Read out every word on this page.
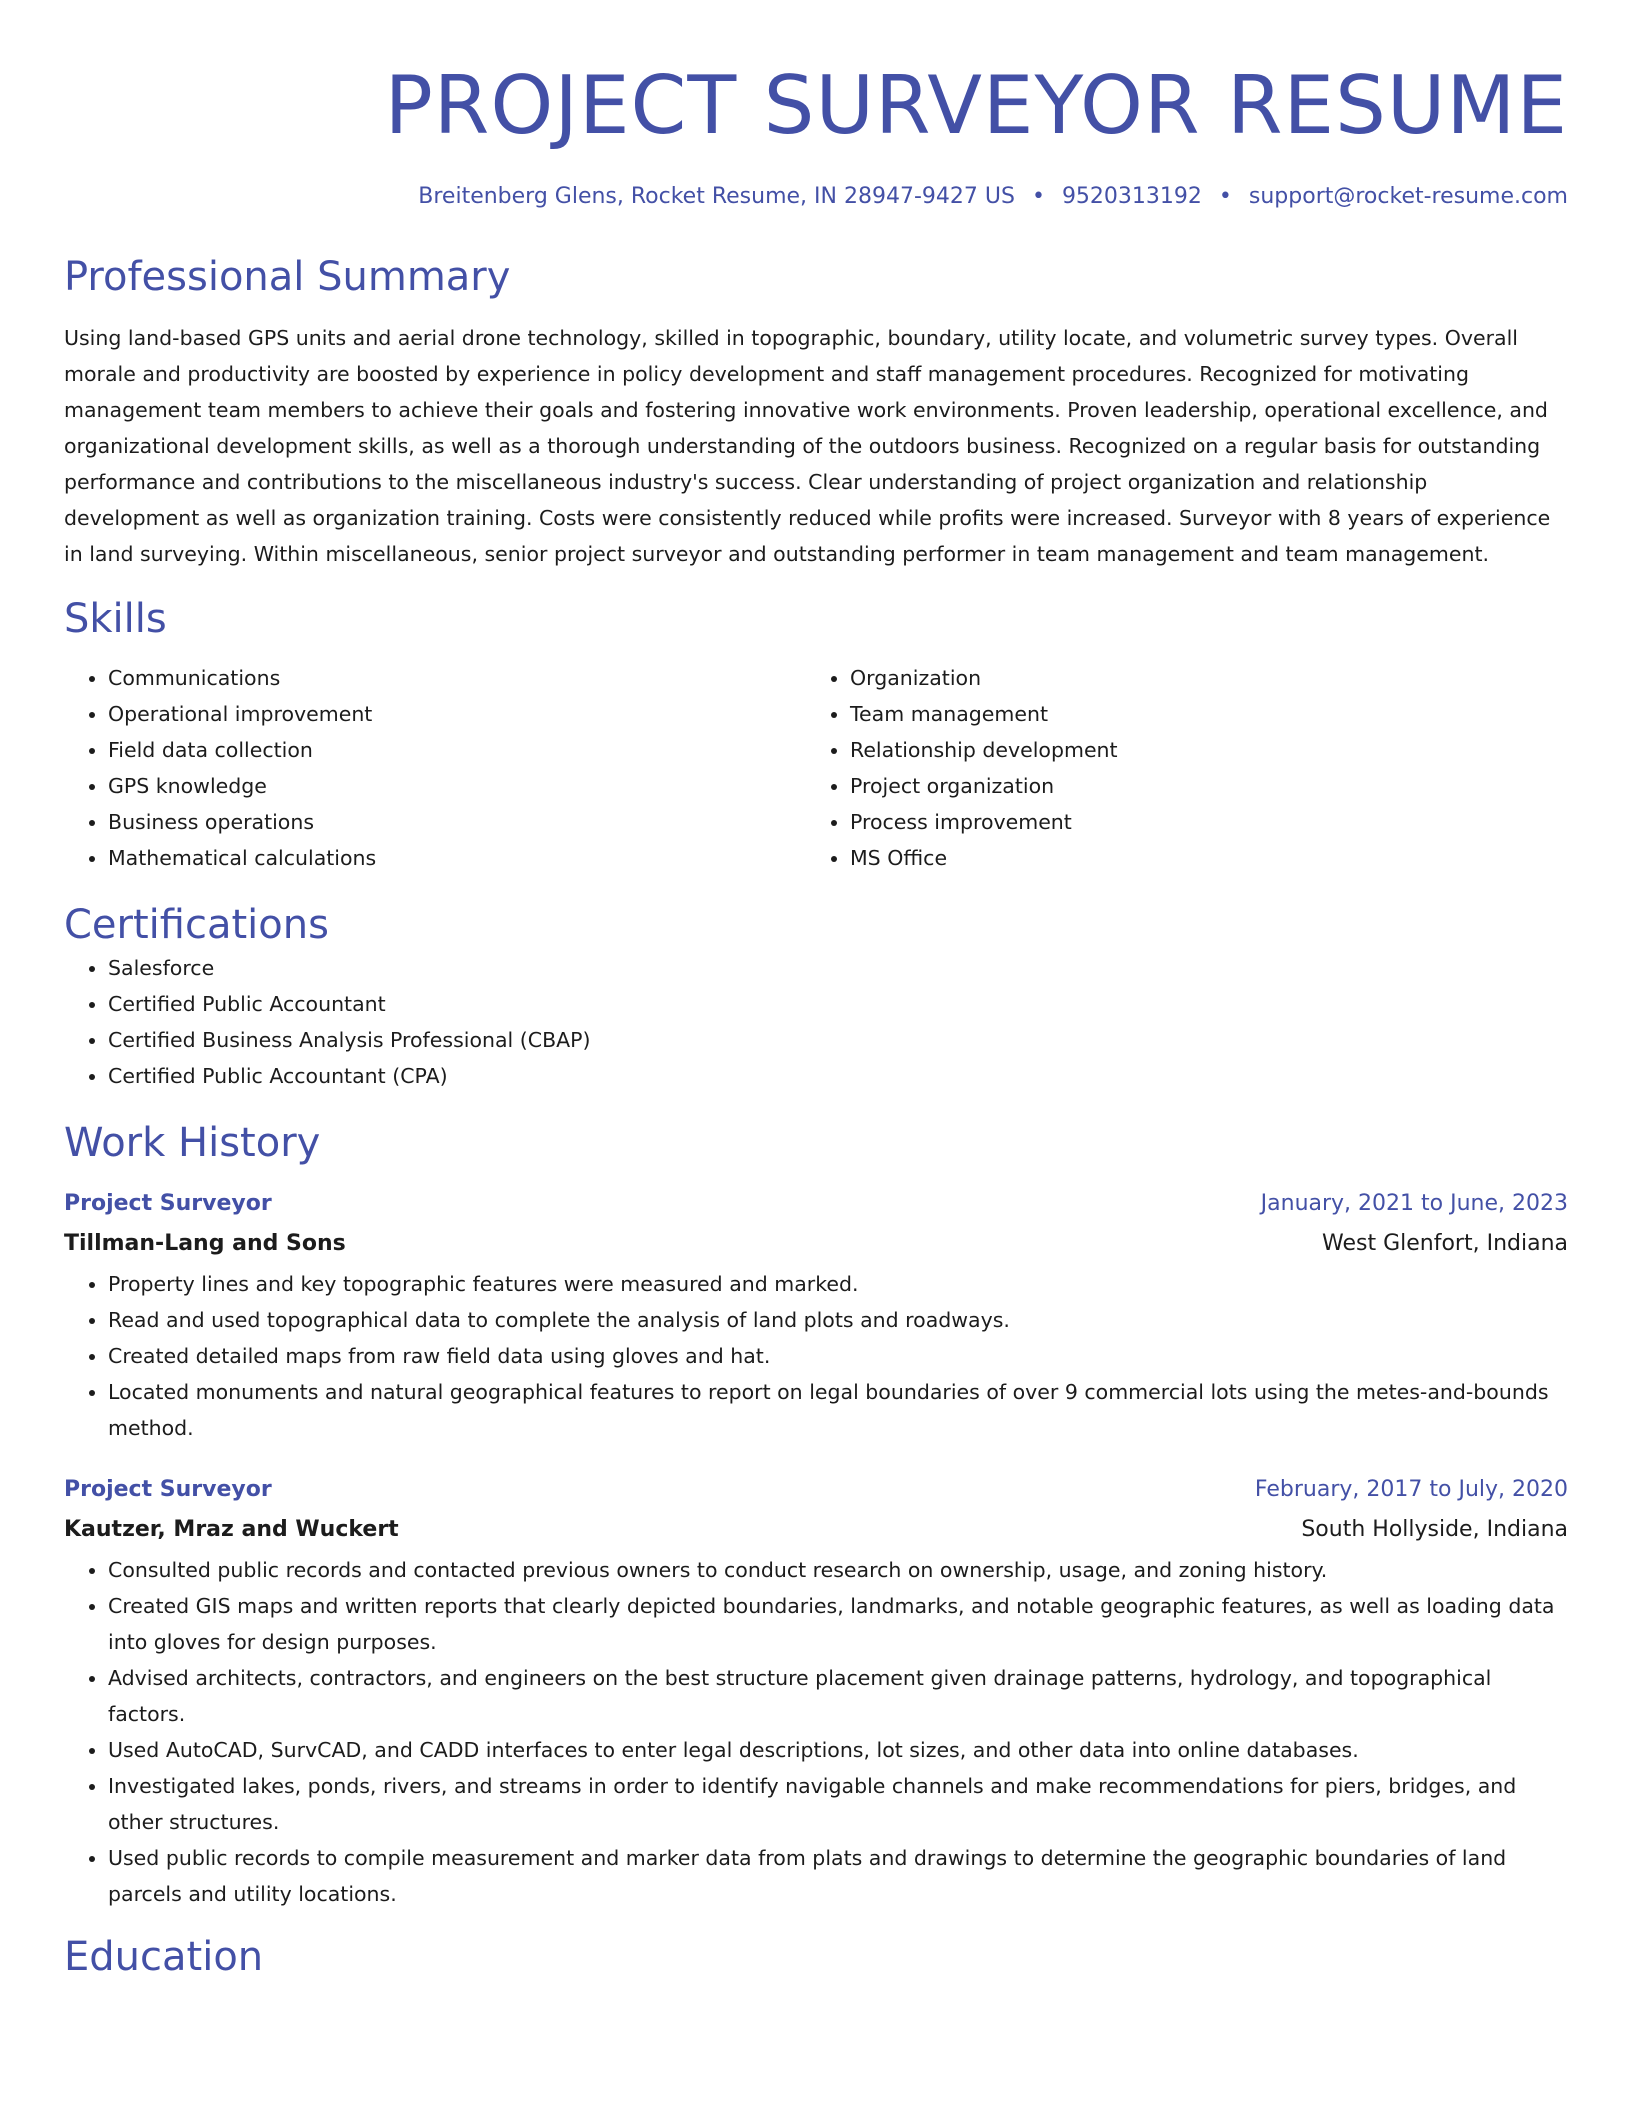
PROJECT SURVEYOR RESUME
Breitenberg Glens, Rocket Resume, IN 28947-9427 US • 9520313192 • support@rocket-resume.com
Professional Summary
Using land-based GPS units and aerial drone technology, skilled in topographic, boundary, utility locate, and volumetric survey types. Overall morale and productivity are boosted by experience in policy development and staff management procedures. Recognized for motivating management team members to achieve their goals and fostering innovative work environments. Proven leadership, operational excellence, and organizational development skills, as well as a thorough understanding of the outdoors business. Recognized on a regular basis for outstanding performance and contributions to the miscellaneous industry's success. Clear understanding of project organization and relationship development as well as organization training. Costs were consistently reduced while profits were increased. Surveyor with 8 years of experience in land surveying. Within miscellaneous, senior project surveyor and outstanding performer in team management and team management.
Skills
• Communications
• Operational improvement
• Field data collection
• GPS knowledge
• Business operations
• Mathematical calculations
• Organization
• Team management
• Relationship development
• Project organization
• Process improvement
• MS Office
Certifications
• Salesforce
• Certified Public Accountant
• Certified Business Analysis Professional (CBAP)
• Certified Public Accountant (CPA)
Work History
Project Surveyor	January, 2021 to June, 2023
Tillman-Lang and Sons	West Glenfort, Indiana
• Property lines and key topographic features were measured and marked.
• Read and used topographical data to complete the analysis of land plots and roadways.
• Created detailed maps from raw field data using gloves and hat.
• Located monuments and natural geographical features to report on legal boundaries of over 9 commercial lots using the metes-and-bounds method.
Project Surveyor	February, 2017 to July, 2020
Kautzer, Mraz and Wuckert	South Hollyside, Indiana
• Consulted public records and contacted previous owners to conduct research on ownership, usage, and zoning history.
• Created GIS maps and written reports that clearly depicted boundaries, landmarks, and notable geographic features, as well as loading data into gloves for design purposes.
• Advised architects, contractors, and engineers on the best structure placement given drainage patterns, hydrology, and topographical factors.
• Used AutoCAD, SurvCAD, and CADD interfaces to enter legal descriptions, lot sizes, and other data into online databases.
• Investigated lakes, ponds, rivers, and streams in order to identify navigable channels and make recommendations for piers, bridges, and other structures.
• Used public records to compile measurement and marker data from plats and drawings to determine the geographic boundaries of land parcels and utility locations.
Education
